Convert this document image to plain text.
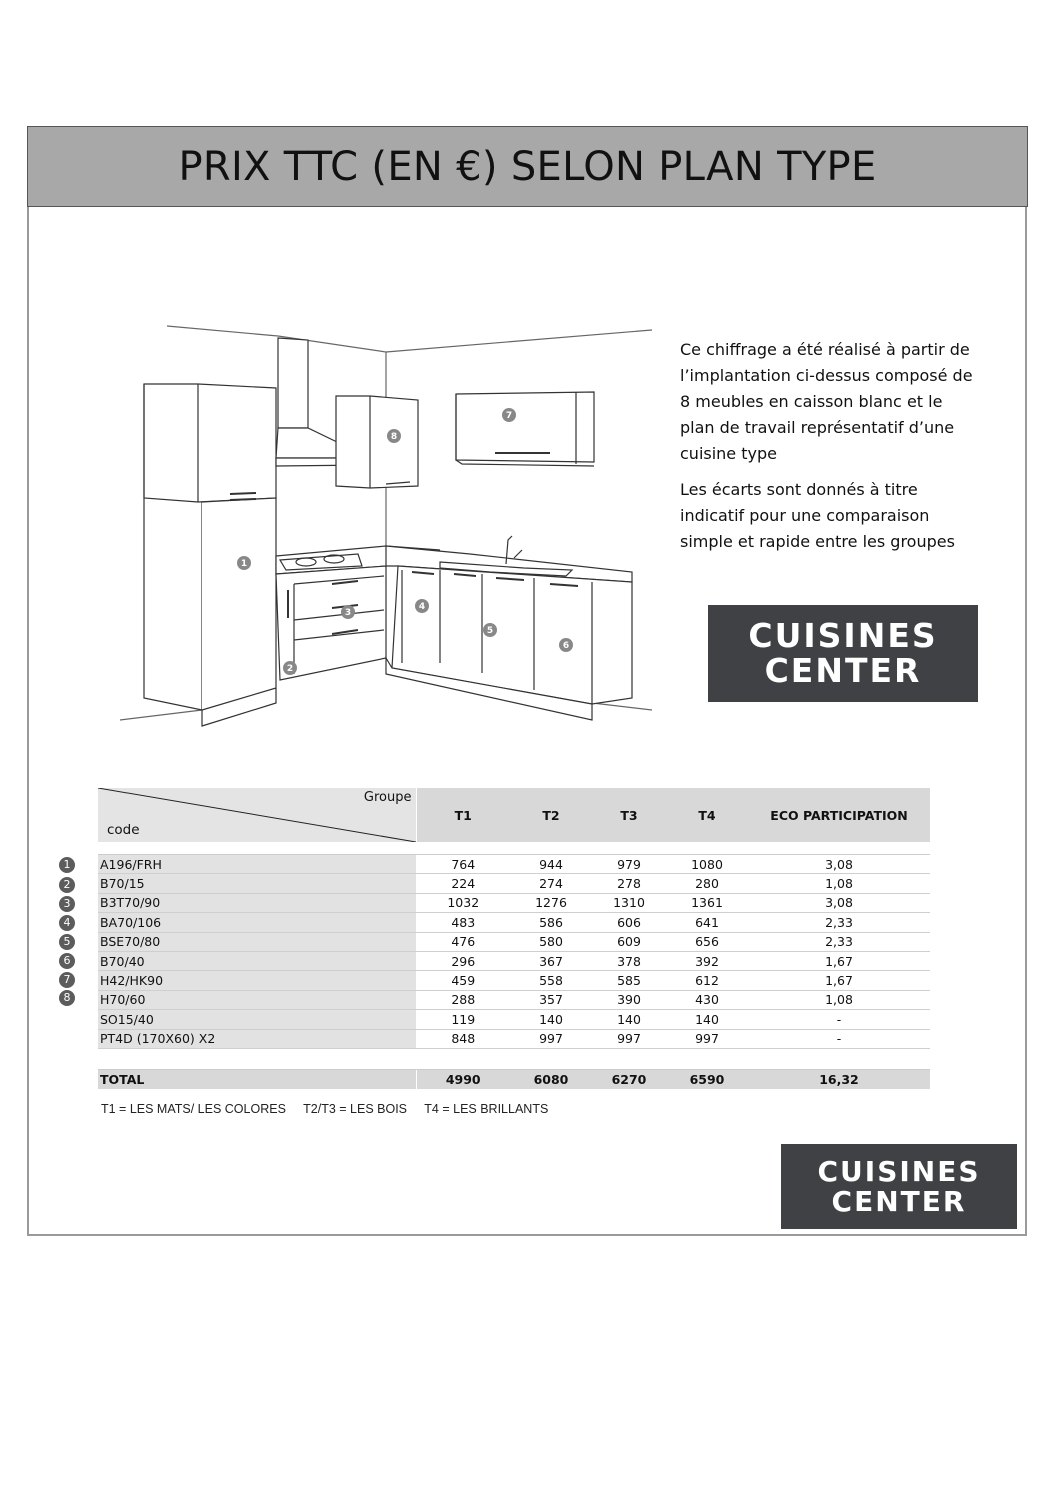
PRIX TTC (EN €) SELON PLAN TYPE
1
2
3
4
5
6
7
8

Ce chiffrage a été réalisé à partir de l’implantation ci-dessus composé de 8 meubles en caisson blanc et le plan de travail représentatif d’une cuisine type

Les écarts sont donnés à titre indicatif pour une comparaison simple et rapide entre les groupes

CUISINES
CENTER
Groupe
code	T1	T2	T3	T4	ECO PARTICIPATION

A196/FRH	764	944	979	1080	3,08
B70/15	224	274	278	280	1,08
B3T70/90	1032	1276	1310	1361	3,08
BA70/106	483	586	606	641	2,33
BSE70/80	476	580	609	656	2,33
B70/40	296	367	378	392	1,67
H42/HK90	459	558	585	612	1,67
H70/60	288	357	390	430	1,08
SO15/40	119	140	140	140	-
PT4D (170X60) X2	848	997	997	997	-

TOTAL	4990	6080	6270	6590	16,32
1
2
3
4
5
6
7
8
T1 = LES MATS/ LES COLORES T2/T3 = LES BOIS T4 = LES BRILLANTS
CUISINES
CENTER
